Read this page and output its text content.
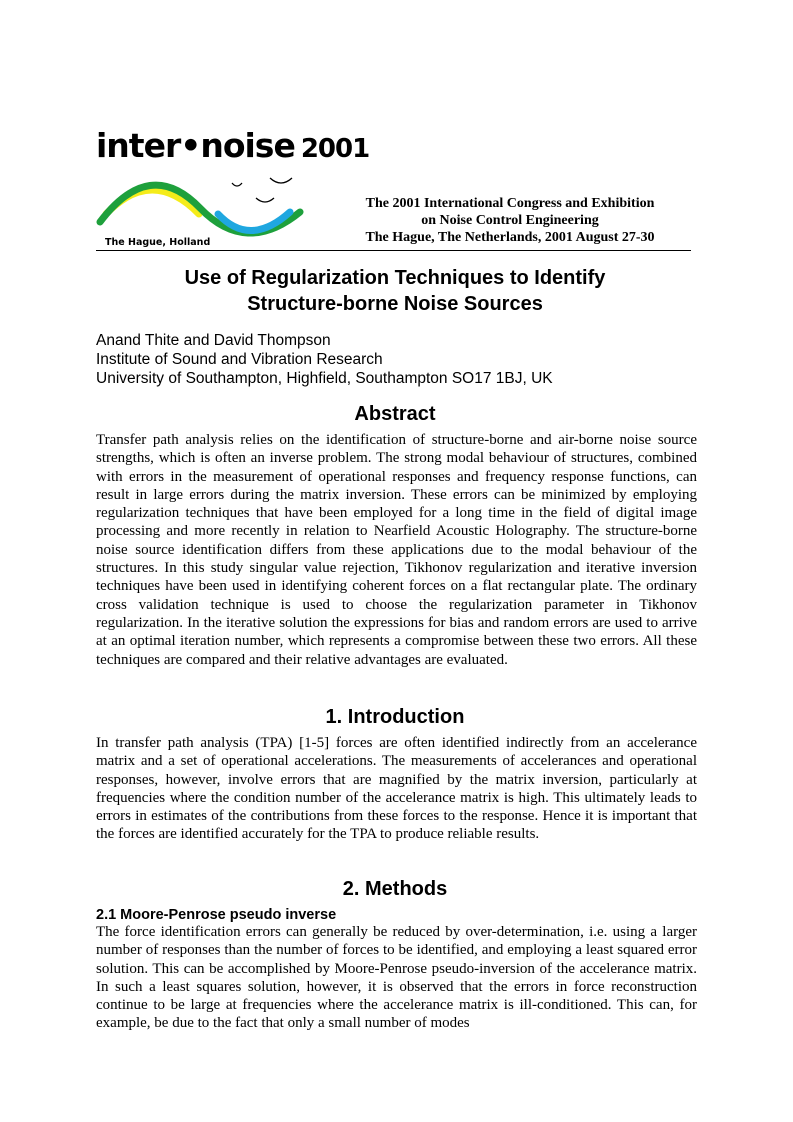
inter•noise 2001
The Hague, Holland
The 2001 International Congress and Exhibition
on Noise Control Engineering
The Hague, The Netherlands, 2001 August 27-30
Use of Regularization Techniques to Identify
Structure-borne Noise Sources
Anand Thite and David Thompson
Institute of Sound and Vibration Research
University of Southampton, Highfield, Southampton SO17 1BJ, UK
Abstract
Transfer path analysis relies on the identification of structure-borne and air-borne noise source strengths, which is often an inverse problem. The strong modal behaviour of structures, combined with errors in the measurement of operational responses and frequency response functions, can result in large errors during the matrix inversion. These errors can be minimized by employing regularization techniques that have been employed for a long time in the field of digital image processing and more recently in relation to Nearfield Acoustic Holography. The structure-borne noise source identification differs from these applications due to the modal behaviour of the structures. In this study singular value rejection, Tikhonov regularization and iterative inversion techniques have been used in identifying coherent forces on a flat rectangular plate. The ordinary cross validation technique is used to choose the regularization parameter in Tikhonov regularization. In the iterative solution the expressions for bias and random errors are used to arrive at an optimal iteration number, which represents a compromise between these two errors. All these techniques are compared and their relative advantages are evaluated.
1. Introduction
In transfer path analysis (TPA) [1-5] forces are often identified indirectly from an accelerance matrix and a set of operational accelerations. The measurements of accelerances and operational responses, however, involve errors that are magnified by the matrix inversion, particularly at frequencies where the condition number of the accelerance matrix is high. This ultimately leads to errors in estimates of the contributions from these forces to the response. Hence it is important that the forces are identified accurately for the TPA to produce reliable results.
2. Methods
2.1 Moore-Penrose pseudo inverse
The force identification errors can generally be reduced by over-determination, i.e. using a larger number of responses than the number of forces to be identified, and employing a least squared error solution. This can be accomplished by Moore-Penrose pseudo-inversion of the accelerance matrix. In such a least squares solution, however, it is observed that the errors in force reconstruction continue to be large at frequencies where the accelerance matrix is ill-conditioned. This can, for example, be due to the fact that only a small number of modes
